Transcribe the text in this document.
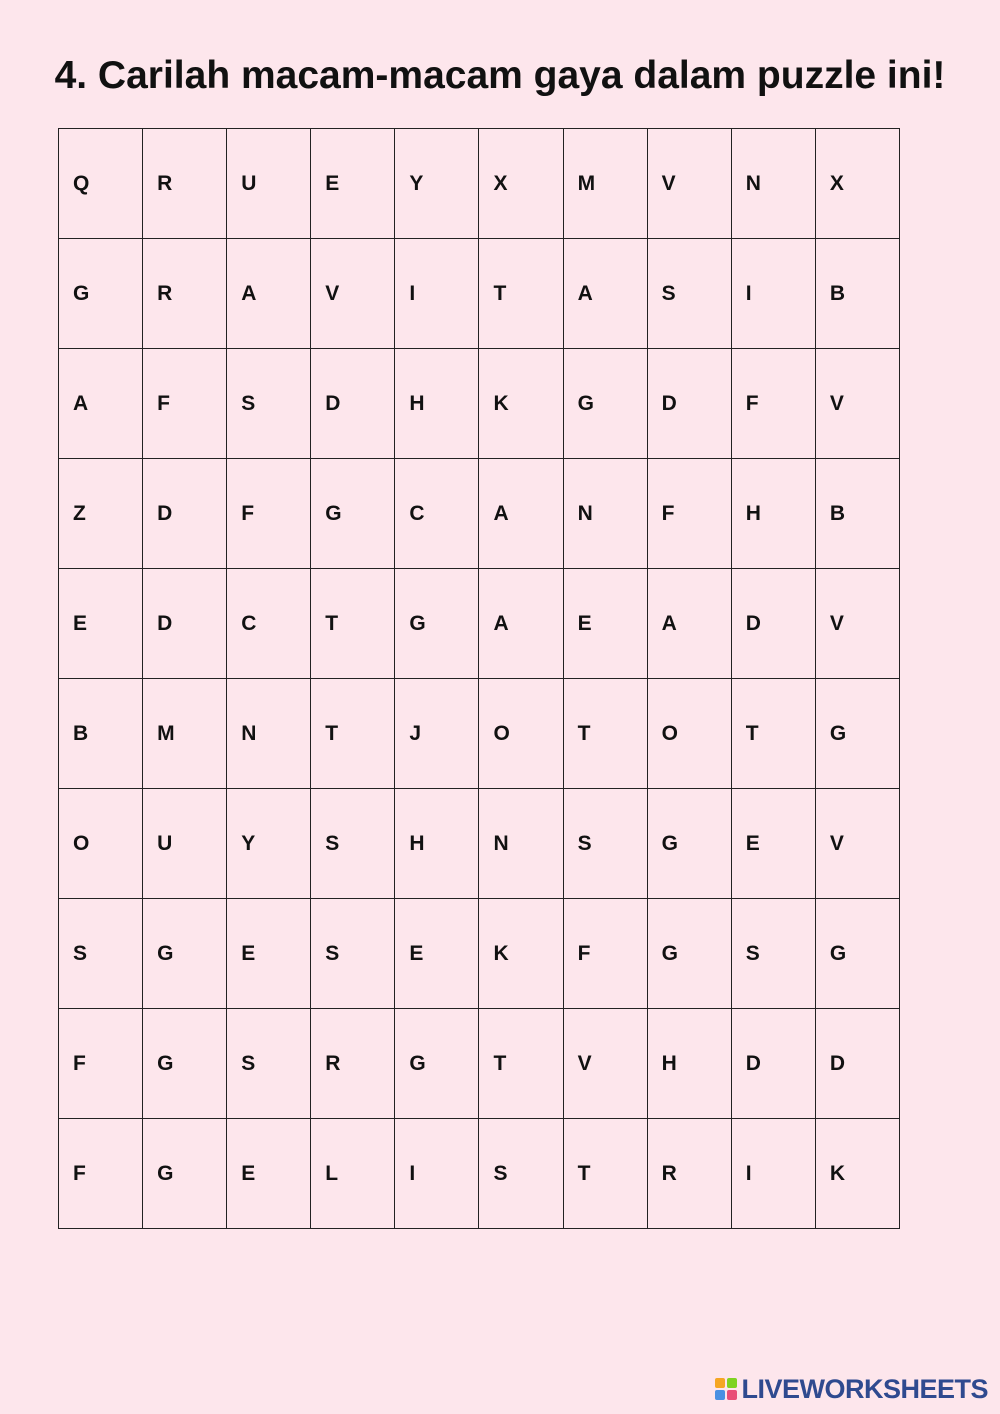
4. Carilah macam-macam gaya dalam puzzle ini!
Q	R	U	E	Y	X	M	V	N	X
G	R	A	V	I	T	A	S	I	B
A	F	S	D	H	K	G	D	F	V
Z	D	F	G	C	A	N	F	H	B
E	D	C	T	G	A	E	A	D	V
B	M	N	T	J	O	T	O	T	G
O	U	Y	S	H	N	S	G	E	V
S	G	E	S	E	K	F	G	S	G
F	G	S	R	G	T	V	H	D	D
F	G	E	L	I	S	T	R	I	K
LIVEWORKSHEETS
